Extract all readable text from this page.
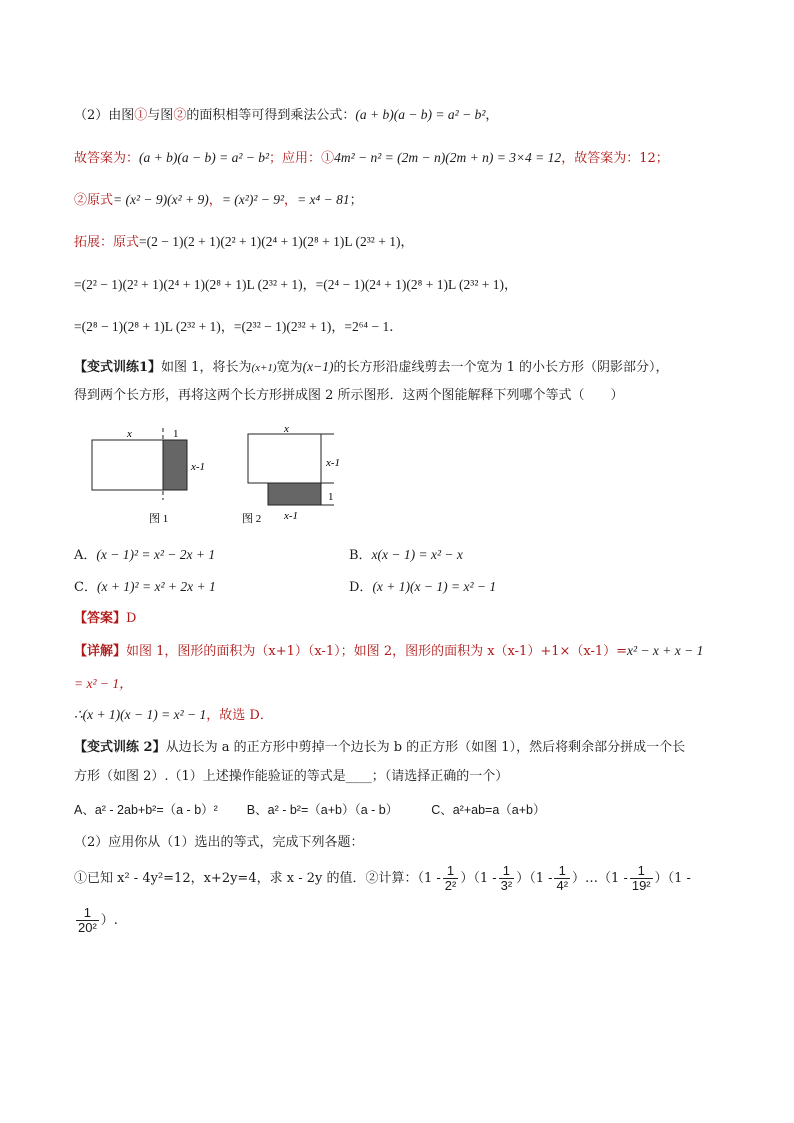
（2）由图①与图②的面积相等可得到乘法公式：(a + b)(a − b) = a² − b²，
故答案为：(a + b)(a − b) = a² − b²；应用：①4m² − n² = (2m − n)(2m + n) = 3×4 = 12，故答案为：12；
②原式= (x² − 9)(x² + 9)，= (x²)² − 9²，= x⁴ − 81；
拓展：原式=(2 − 1)(2 + 1)(2² + 1)(2⁴ + 1)(2⁸ + 1)L (2³² + 1)，
=(2² − 1)(2² + 1)(2⁴ + 1)(2⁸ + 1)L (2³² + 1)，=(2⁴ − 1)(2⁴ + 1)(2⁸ + 1)L (2³² + 1)，
=(2⁸ − 1)(2⁸ + 1)L (2³² + 1)，=(2³² − 1)(2³² + 1)，=2⁶⁴ − 1．
【变式训练1】如图 1，将长为(x+1)宽为(x−1)的长方形沿虚线剪去一个宽为 1 的小长方形（阴影部分），
得到两个长方形，再将这两个长方形拼成图 2 所示图形．这两个图能解释下列哪个等式（　　）
x	1
x-1
图 1
x
x-1
1
x-1
图 2
A．(x − 1)² = x² − 2x + 1	B．x(x − 1) = x² − x
C．(x + 1)² = x² + 2x + 1	D．(x + 1)(x − 1) = x² − 1
【答案】D
【详解】如图 1，图形的面积为（x+1）（x-1）；如图 2，图形的面积为 x（x-1）+1×（x-1）=x² − x + x − 1
= x² − 1，
∴(x + 1)(x − 1) = x² − 1，故选 D．
【变式训练 2】从边长为 a 的正方形中剪掉一个边长为 b 的正方形（如图 1），然后将剩余部分拼成一个长
方形（如图 2）.（1）上述操作能验证的等式是____；（请选择正确的一个）
A、a² - 2ab+b²=（a - b）² B、a² - b²=（a+b）（a - b）	C、a²+ab=a（a+b）
（2）应用你从（1）选出的等式，完成下列各题：
①已知 x² - 4y²=12，x+2y=4，求 x - 2y 的值．②计算：$(1 - \frac{1}{\text{2²}} )(1 - \frac{1}{\text{3²}} )(1 - \frac{1}{\text{4²}}$ ）…（1 - $\frac{1}{\text{19²}} )(1$ -
$\frac{1}{\text{20²}}$ ）.
